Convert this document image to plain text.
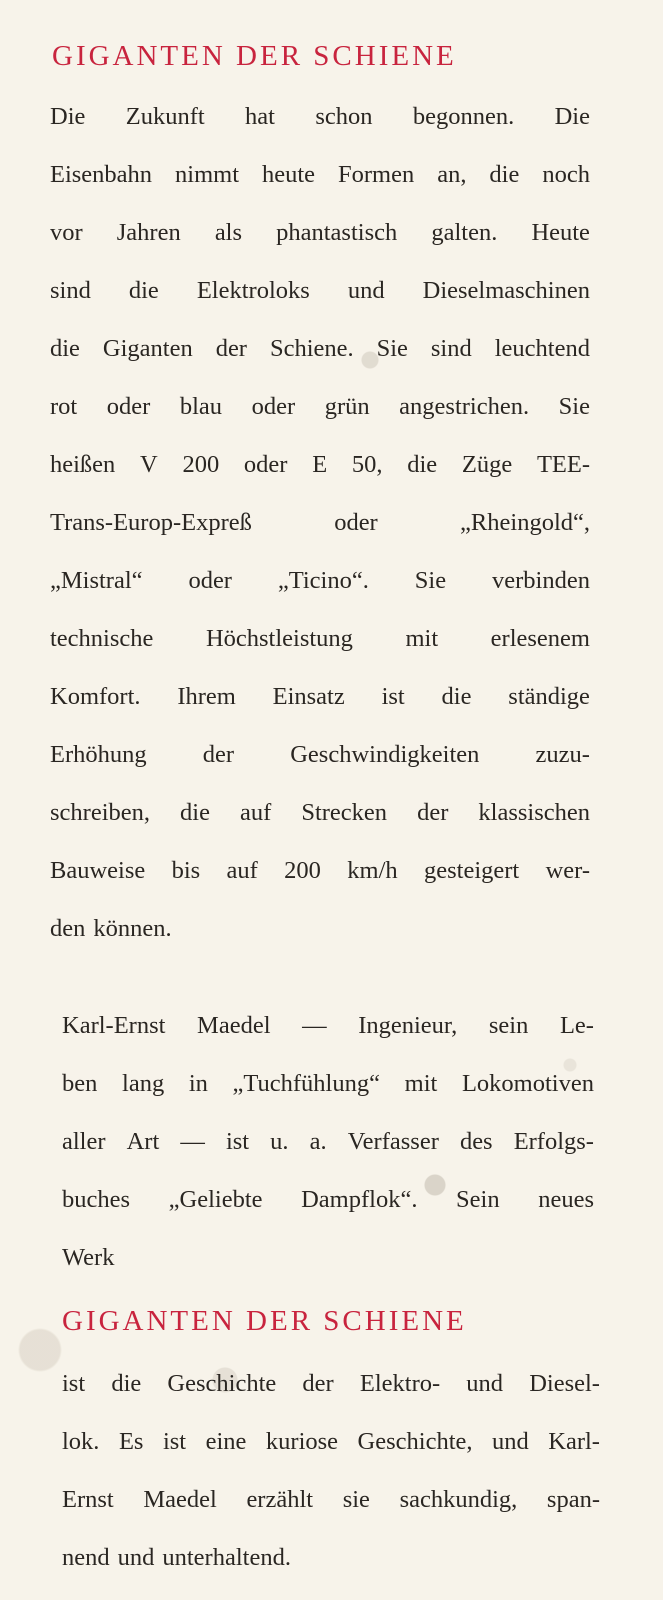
GIGANTEN DER SCHIENE
Die Zukunft hat schon begonnen. Die
Eisenbahn nimmt heute Formen an, die noch
vor Jahren als phantastisch galten. Heute
sind die Elektroloks und Dieselmaschinen
die Giganten der Schiene. Sie sind leuchtend
rot oder blau oder grün angestrichen. Sie
heißen V 200 oder E 50, die Züge TEE-
Trans-Europ-Expreß	oder	„Rheingold“,
„Mistral“ oder „Ticino“. Sie verbinden
technische Höchstleistung mit erlesenem
Komfort. Ihrem Einsatz ist die ständige
Erhöhung der Geschwindigkeiten zuzu-
schreiben, die auf Strecken der klassischen
Bauweise bis auf 200 km/h gesteigert wer-
den können.
Karl-Ernst Maedel — Ingenieur, sein Le-
ben lang in „Tuchfühlung“ mit Lokomotiven
aller Art — ist u. a. Verfasser des Erfolgs-
buches „Geliebte Dampflok“. Sein neues
Werk
GIGANTEN DER SCHIENE
ist die Geschichte der Elektro- und Diesel-
lok. Es ist eine kuriose Geschichte, und Karl-
Ernst Maedel erzählt sie sachkundig, span-
nend und unterhaltend.
